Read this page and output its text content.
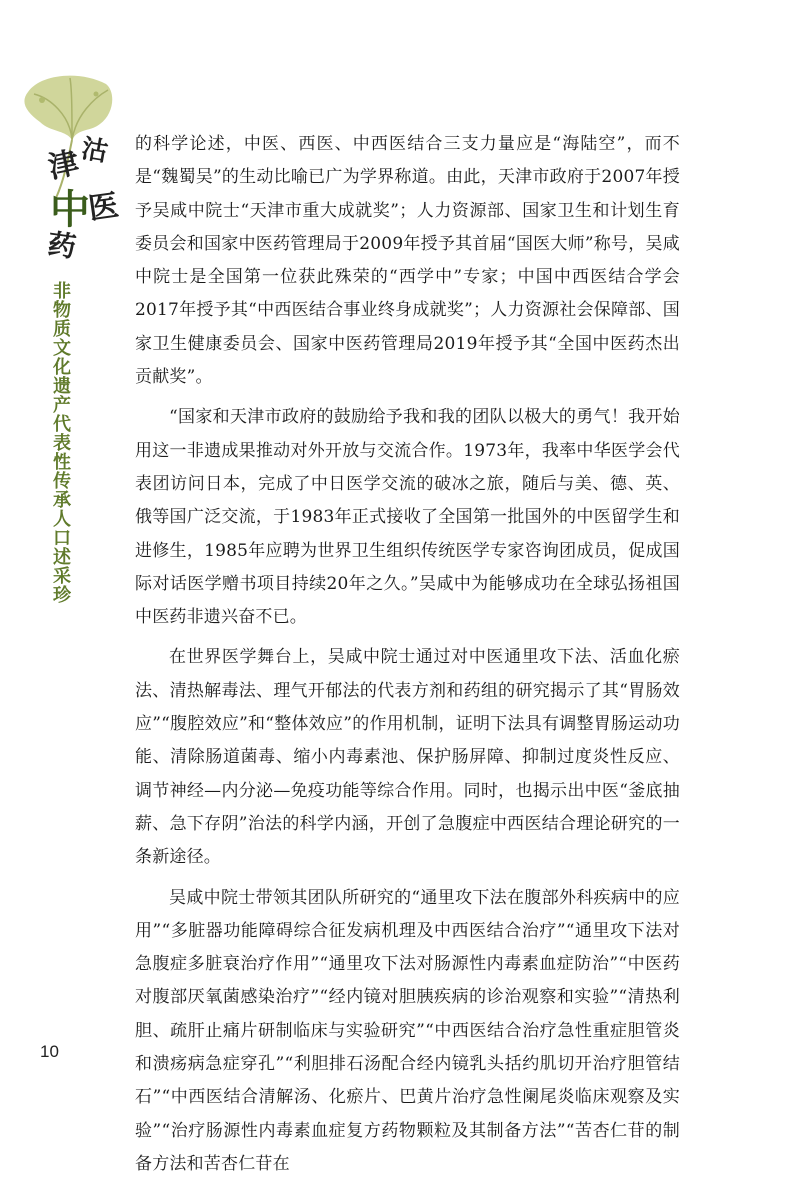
津
沽
中
医
药
非物质文化遗产代表性传承人口述采珍

的科学论述，中医、西医、中西医结合三支力量应是“海陆空”，而不是“魏蜀吴”的生动比喻已广为学界称道。由此，天津市政府于2007年授予吴咸中院士“天津市重大成就奖”；人力资源部、国家卫生和计划生育委员会和国家中医药管理局于2009年授予其首届“国医大师”称号，吴咸中院士是全国第一位获此殊荣的“西学中”专家；中国中西医结合学会2017年授予其“中西医结合事业终身成就奖”；人力资源社会保障部、国家卫生健康委员会、国家中医药管理局2019年授予其“全国中医药杰出贡献奖”。

“国家和天津市政府的鼓励给予我和我的团队以极大的勇气！我开始用这一非遗成果推动对外开放与交流合作。1973年，我率中华医学会代表团访问日本，完成了中日医学交流的破冰之旅，随后与美、德、英、俄等国广泛交流，于1983年正式接收了全国第一批国外的中医留学生和进修生，1985年应聘为世界卫生组织传统医学专家咨询团成员，促成国际对话医学赠书项目持续20年之久。”吴咸中为能够成功在全球弘扬祖国中医药非遗兴奋不已。

在世界医学舞台上，吴咸中院士通过对中医通里攻下法、活血化瘀法、清热解毒法、理气开郁法的代表方剂和药组的研究揭示了其“胃肠效应”“腹腔效应”和“整体效应”的作用机制，证明下法具有调整胃肠运动功能、清除肠道菌毒、缩小内毒素池、保护肠屏障、抑制过度炎性反应、调节神经—内分泌—免疫功能等综合作用。同时，也揭示出中医“釜底抽薪、急下存阴”治法的科学内涵，开创了急腹症中西医结合理论研究的一条新途径。

吴咸中院士带领其团队所研究的“通里攻下法在腹部外科疾病中的应用”“多脏器功能障碍综合征发病机理及中西医结合治疗”“通里攻下法对急腹症多脏衰治疗作用”“通里攻下法对肠源性内毒素血症防治”“中医药对腹部厌氧菌感染治疗”“经内镜对胆胰疾病的诊治观察和实验”“清热利胆、疏肝止痛片研制临床与实验研究”“中西医结合治疗急性重症胆管炎和溃疡病急症穿孔”“利胆排石汤配合经内镜乳头括约肌切开治疗胆管结石”“中西医结合清解汤、化瘀片、巴黄片治疗急性阑尾炎临床观察及实验”“治疗肠源性内毒素血症复方药物颗粒及其制备方法”“苦杏仁苷的制备方法和苦杏仁苷在

10
